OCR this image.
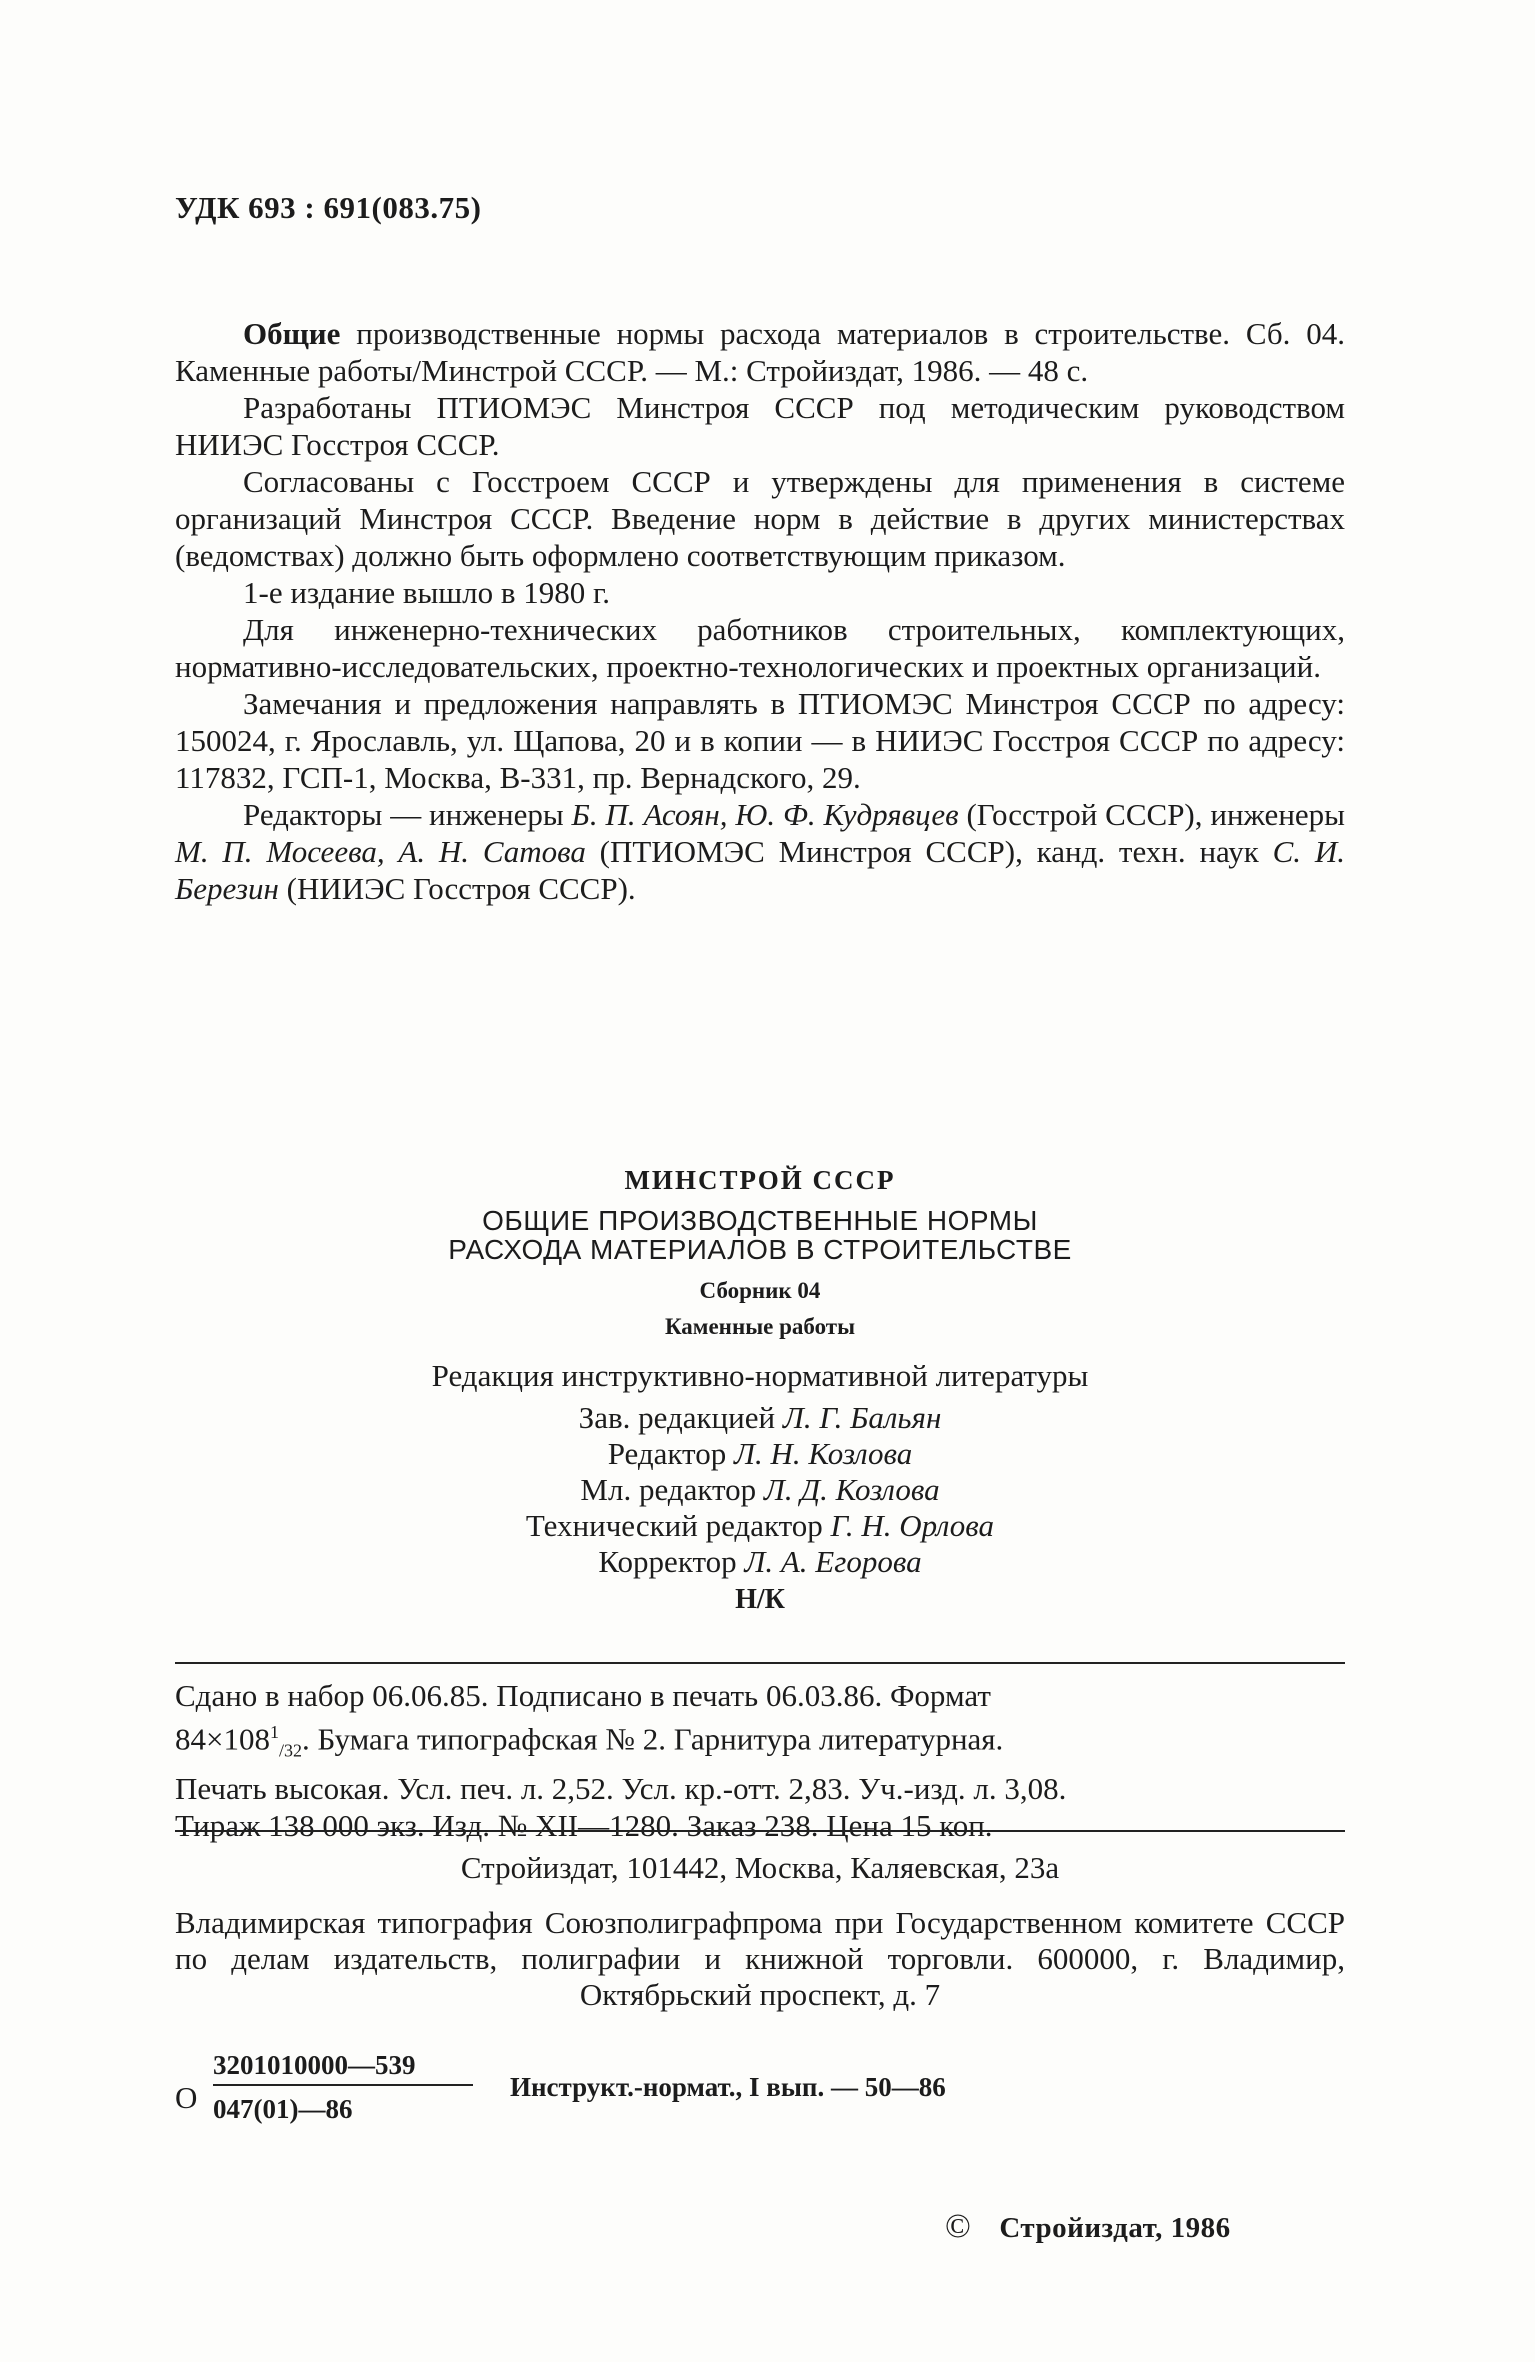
УДК 693 : 691(083.75)

Общие производственные нормы расхода материалов в строительстве. Сб. 04. Каменные работы/Минстрой СССР. — М.: Стройиздат, 1986. — 48 с.

Разработаны ПТИОМЭС Минстроя СССР под методическим руководством НИИЭС Госстроя СССР.

Согласованы с Госстроем СССР и утверждены для применения в системе организаций Минстроя СССР. Введение норм в действие в других министерствах (ведомствах) должно быть оформлено соответствующим приказом.

1-е издание вышло в 1980 г.

Для инженерно-технических работников строительных, комплектующих, нормативно-исследовательских, проектно-технологических и проектных организаций.

Замечания и предложения направлять в ПТИОМЭС Минстроя СССР по адресу: 150024, г. Ярославль, ул. Щапова, 20 и в копии — в НИИЭС Госстроя СССР по адресу: 117832, ГСП-1, Москва, В-331, пр. Вернадского, 29.

Редакторы — инженеры Б. П. Асоян, Ю. Ф. Кудрявцев (Госстрой СССР), инженеры М. П. Мосеева, А. Н. Сатова (ПТИОМЭС Минстроя СССР), канд. техн. наук С. И. Березин (НИИЭС Госстроя СССР).

МИНСТРОЙ СССР
ОБЩИЕ ПРОИЗВОДСТВЕННЫЕ НОРМЫ
РАСХОДА МАТЕРИАЛОВ В СТРОИТЕЛЬСТВЕ
Сборник 04
Каменные работы
Редакция инструктивно-нормативной литературы
Зав. редакцией Л. Г. Бальян
Редактор Л. Н. Козлова
Мл. редактор Л. Д. Козлова
Технический редактор Г. Н. Орлова
Корректор Л. А. Егорова
Н/К

Сдано в набор 06.06.85. Подписано в печать 06.03.86. Формат

$84\times 108^1_{/32}$. Бумага типографская № 2. Гарнитура литературная.

Печать высокая. Усл. печ. л. 2,52. Усл. кр.-отт. 2,83. Уч.-изд. л. 3,08.

Тираж 138 000 экз. Изд. № XII—1280. Заказ 238. Цена 15 коп.

Стройиздат, 101442, Москва, Каляевская, 23а

Владимирская типография Союзполиграфпрома при Государственном комитете СССР по делам издательств, полиграфии и книжной торговли. 600000, г. Владимир, Октябрьский проспект, д. 7

О
3201010000—539
047(01)—86
Инструкт.-нормат., I вып. — 50—86
© Стройиздат, 1986
